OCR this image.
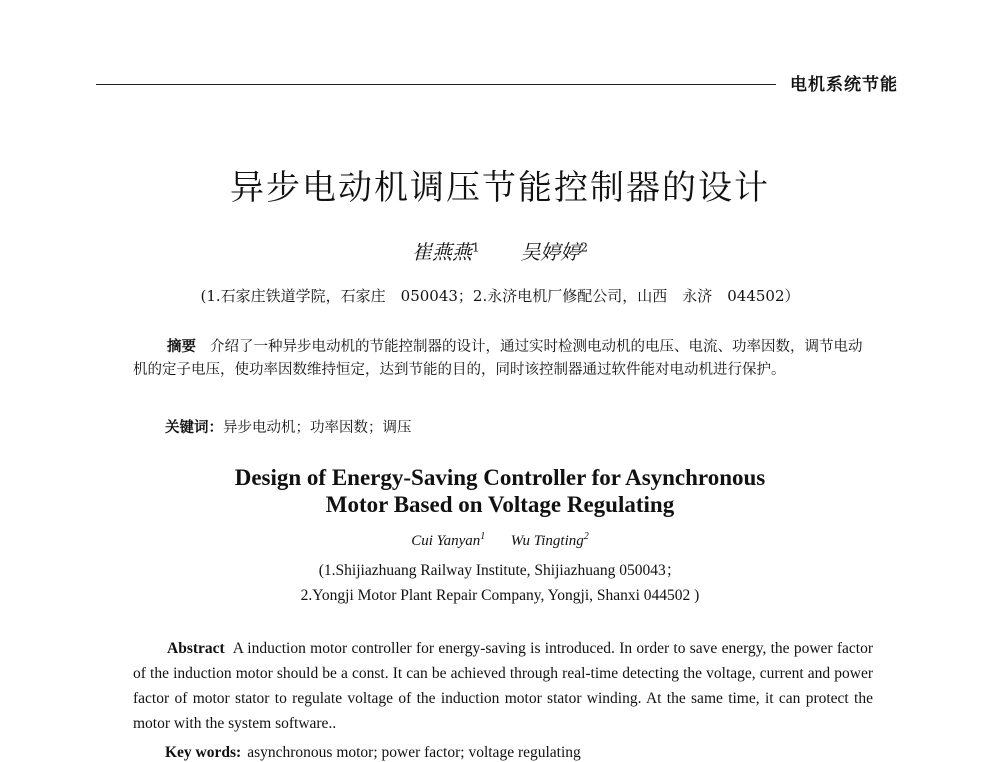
电机系统节能
异步电动机调压节能控制器的设计
崔燕燕$^1$ 吴婷婷$^2$
(1.石家庄铁道学院，石家庄　050043；2.永济电机厂修配公司，山西　永济　044502）
摘要 介绍了一种异步电动机的节能控制器的设计，通过实时检测电动机的电压、电流、功率因数，调节电动机的定子电压，使功率因数维持恒定，达到节能的目的，同时该控制器通过软件能对电动机进行保护。
关键词：异步电动机；功率因数；调压
Design of Energy-Saving Controller for Asynchronous
Motor Based on Voltage Regulating
Cui Yanyan$^1$ Wu Tingting$^2$
(1.Shijiazhuang Railway Institute, Shijiazhuang 050043；
2.Yongji Motor Plant Repair Company, Yongji, Shanxi 044502 )
Abstract A induction motor controller for energy-saving is introduced. In order to save energy, the power factor of the induction motor should be a const. It can be achieved through real-time detecting the voltage, current and power factor of motor stator to regulate voltage of the induction motor stator winding. At the same time, it can protect the motor with the system software..
Key words: asynchronous motor; power factor; voltage regulating
